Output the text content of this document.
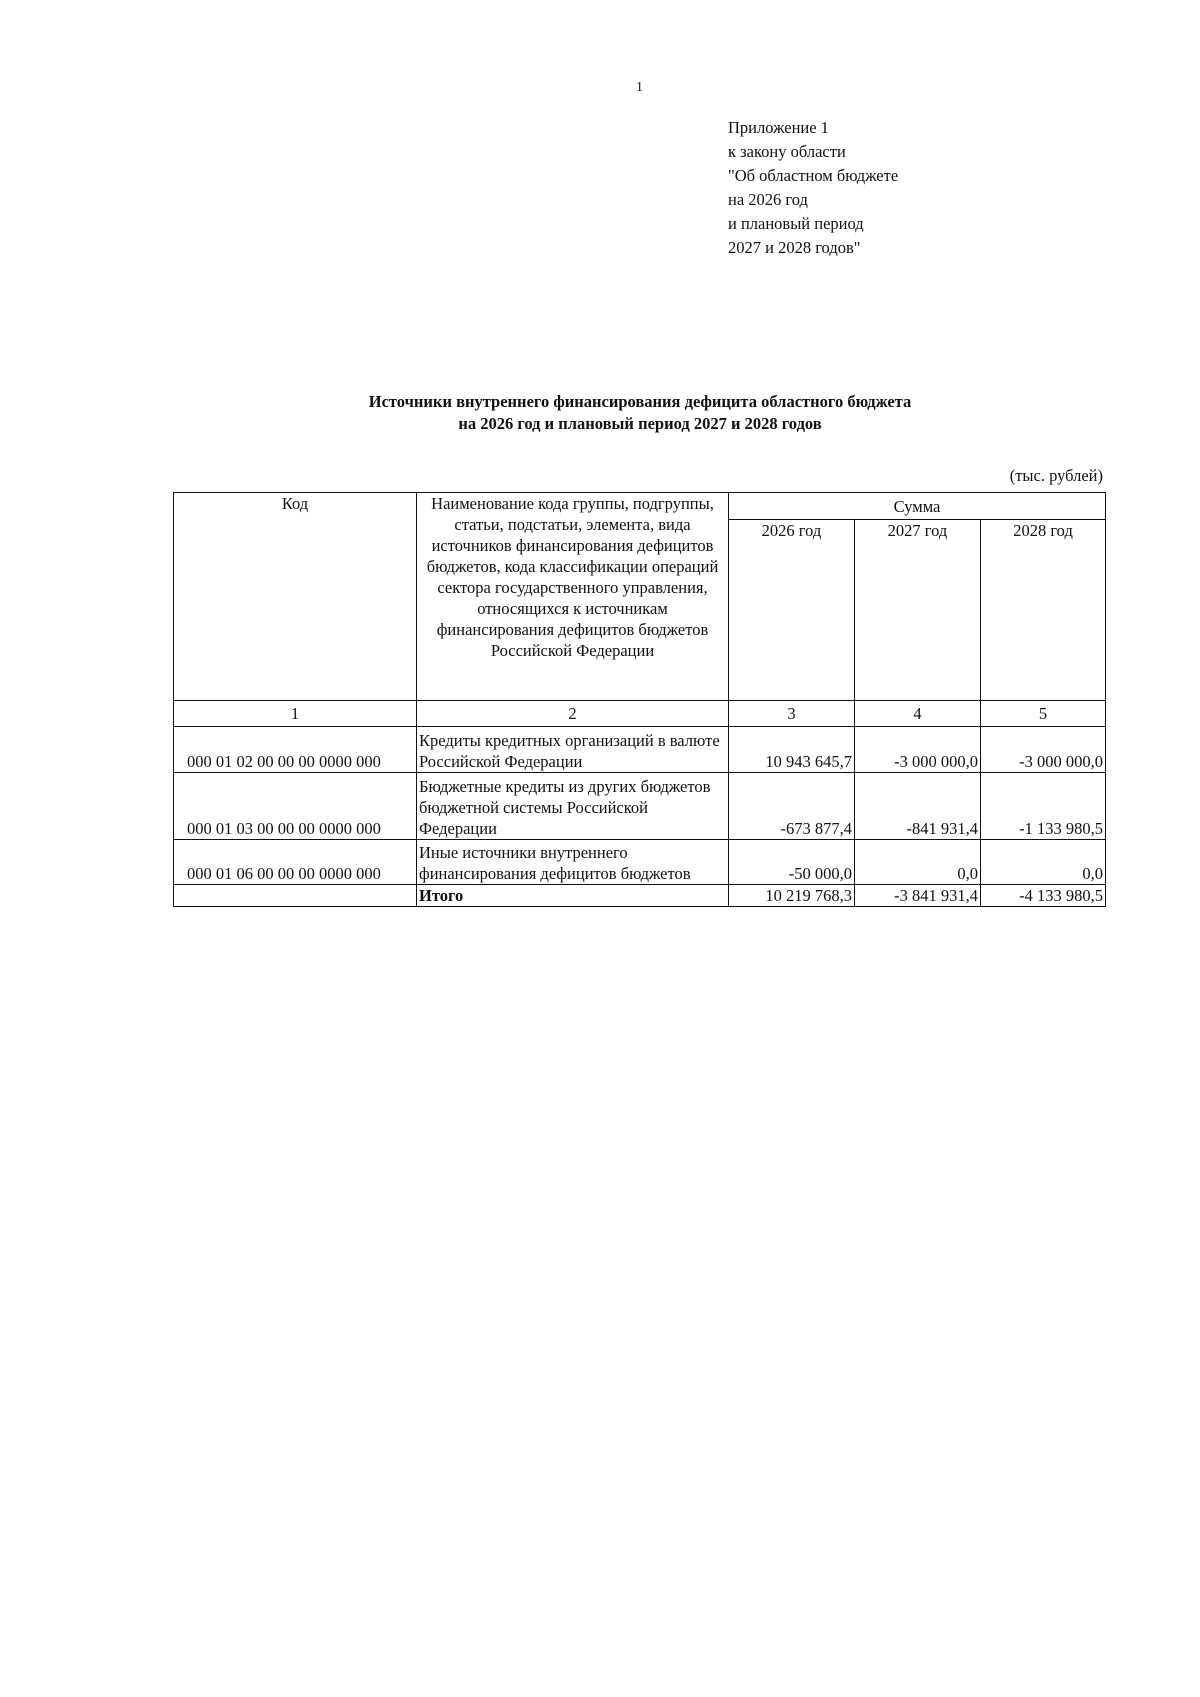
1
Приложение 1
к закону области
"Об областном бюджете
на 2026 год
и плановый период
2027 и 2028 годов"
Источники внутреннего финансирования дефицита областного бюджета
на 2026 год и плановый период 2027 и 2028 годов
(тыс. рублей)
Код	Наименование кода группы, подгруппы, статьи, подстатьи, элемента, вида источников финансирования дефицитов бюджетов, кода классификации операций сектора государственного управления, относящихся к источникам финансирования дефицитов бюджетов Российской Федерации	Сумма		
		2026 год	2027 год	2028 год
1	2	3	4	5
000 01 02 00 00 00 0000 000	Кредиты кредитных организаций в валюте Российской Федерации	10 943 645,7	-3 000 000,0	-3 000 000,0
000 01 03 00 00 00 0000 000	Бюджетные кредиты из других бюджетов бюджетной системы Российской Федерации	-673 877,4	-841 931,4	-1 133 980,5
000 01 06 00 00 00 0000 000	Иные источники внутреннего финансирования дефицитов бюджетов	-50 000,0	0,0	0,0
	Итого	10 219 768,3	-3 841 931,4	-4 133 980,5
